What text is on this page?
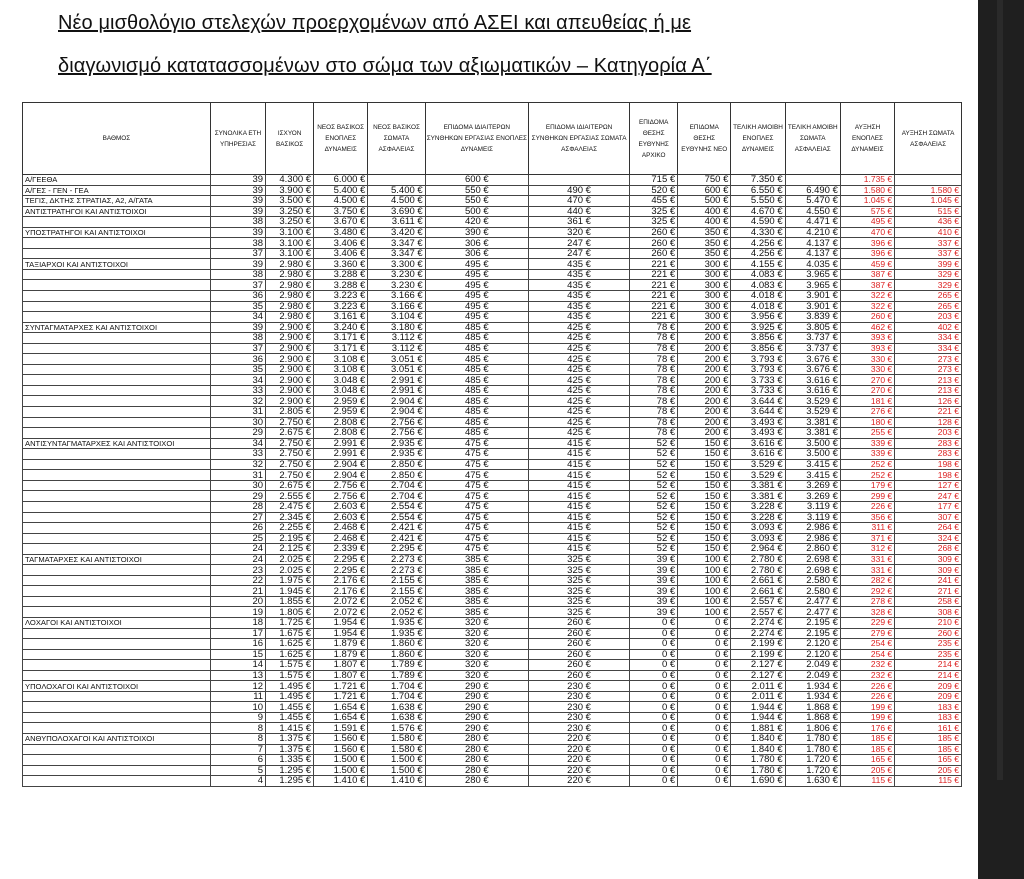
Νέο μισθολόγιο στελεχών προερχομένων από ΑΣΕΙ και απευθείας ή με
διαγωνισμό κατατασσομένων στο σώμα των αξιωματικών – Κατηγορία Α΄
ΒΑΘΜΟΣ	ΣΥΝΟΛΙΚΑ ΕΤΗ ΥΠΗΡΕΣΙΑΣ	ΙΣΧΥΟΝ ΒΑΣΙΚΟΣ	ΝΕΟΣ ΒΑΣΙΚΟΣ ΕΝΟΠΛΕΣ ΔΥΝΑΜΕΙΣ	ΝΕΟΣ ΒΑΣΙΚΟΣ ΣΩΜΑΤΑ ΑΣΦΑΛΕΙΑΣ	ΕΠΙΔΟΜΑ ΙΔΙΑΙΤΕΡΩΝ ΣΥΝΘΗΚΩΝ ΕΡΓΑΣΙΑΣ ΕΝΟΠΛΕΣ ΔΥΝΑΜΕΙΣ	ΕΠΙΔΟΜΑ ΙΔΙΑΙΤΕΡΩΝ ΣΥΝΘΗΚΩΝ ΕΡΓΑΣΙΑΣ ΣΩΜΑΤΑ ΑΣΦΑΛΕΙΑΣ	ΕΠΙΔΟΜΑ ΘΕΣΗΣ ΕΥΘΥΝΗΣ ΑΡΧΙΚΟ	ΕΠΙΔΟΜΑ ΘΕΣΗΣ ΕΥΘΥΝΗΣ ΝΕΟ	ΤΕΛΙΚΗ ΑΜΟΙΒΗ ΕΝΟΠΛΕΣ ΔΥΝΑΜΕΙΣ	ΤΕΛΙΚΗ ΑΜΟΙΒΗ ΣΩΜΑΤΑ ΑΣΦΑΛΕΙΑΣ	ΑΥΞΗΣΗ ΕΝΟΠΛΕΣ ΔΥΝΑΜΕΙΣ	ΑΥΞΗΣΗ ΣΩΜΑΤΑ ΑΣΦΑΛΕΙΑΣ
Α/ΓΕΕΘΑ	39	4.300 €	6.000 €		600 €		715 €	750 €	7.350 €		1.735 €	
Α/ΓΕΣ - ΓΕΝ - ΓΕΑ	39	3.900 €	5.400 €	5.400 €	550 €	490 €	520 €	600 €	6.550 €	6.490 €	1.580 €	1.580 €
ΤΕΓΙΣ, ΔΚΤΗΣ ΣΤΡΑΤΙΑΣ, Α2, Α/ΓΑΤΑ	39	3.500 €	4.500 €	4.500 €	550 €	470 €	455 €	500 €	5.550 €	5.470 €	1.045 €	1.045 €
ΑΝΤΙΣΤΡΑΤΗΓΟΙ ΚΑΙ ΑΝΤΙΣΤΟΙΧΟΙ	39	3.250 €	3.750 €	3.690 €	500 €	440 €	325 €	400 €	4.670 €	4.550 €	575 €	515 €
	38	3.250 €	3.670 €	3.611 €	420 €	361 €	325 €	400 €	4.590 €	4.471 €	495 €	436 €
ΥΠΟΣΤΡΑΤΗΓΟΙ ΚΑΙ ΑΝΤΙΣΤΟΙΧΟΙ	39	3.100 €	3.480 €	3.420 €	390 €	320 €	260 €	350 €	4.330 €	4.210 €	470 €	410 €
	38	3.100 €	3.406 €	3.347 €	306 €	247 €	260 €	350 €	4.256 €	4.137 €	396 €	337 €
	37	3.100 €	3.406 €	3.347 €	306 €	247 €	260 €	350 €	4.256 €	4.137 €	396 €	337 €
ΤΑΞΙΑΡΧΟΙ ΚΑΙ ΑΝΤΙΣΤΟΙΧΟΙ	39	2.980 €	3.360 €	3.300 €	495 €	435 €	221 €	300 €	4.155 €	4.035 €	459 €	399 €
	38	2.980 €	3.288 €	3.230 €	495 €	435 €	221 €	300 €	4.083 €	3.965 €	387 €	329 €
	37	2.980 €	3.288 €	3.230 €	495 €	435 €	221 €	300 €	4.083 €	3.965 €	387 €	329 €
	36	2.980 €	3.223 €	3.166 €	495 €	435 €	221 €	300 €	4.018 €	3.901 €	322 €	265 €
	35	2.980 €	3.223 €	3.166 €	495 €	435 €	221 €	300 €	4.018 €	3.901 €	322 €	265 €
	34	2.980 €	3.161 €	3.104 €	495 €	435 €	221 €	300 €	3.956 €	3.839 €	260 €	203 €
ΣΥΝΤΑΓΜΑΤΑΡΧΕΣ ΚΑΙ ΑΝΤΙΣΤΟΙΧΟΙ	39	2.900 €	3.240 €	3.180 €	485 €	425 €	78 €	200 €	3.925 €	3.805 €	462 €	402 €
	38	2.900 €	3.171 €	3.112 €	485 €	425 €	78 €	200 €	3.856 €	3.737 €	393 €	334 €
	37	2.900 €	3.171 €	3.112 €	485 €	425 €	78 €	200 €	3.856 €	3.737 €	393 €	334 €
	36	2.900 €	3.108 €	3.051 €	485 €	425 €	78 €	200 €	3.793 €	3.676 €	330 €	273 €
	35	2.900 €	3.108 €	3.051 €	485 €	425 €	78 €	200 €	3.793 €	3.676 €	330 €	273 €
	34	2.900 €	3.048 €	2.991 €	485 €	425 €	78 €	200 €	3.733 €	3.616 €	270 €	213 €
	33	2.900 €	3.048 €	2.991 €	485 €	425 €	78 €	200 €	3.733 €	3.616 €	270 €	213 €
	32	2.900 €	2.959 €	2.904 €	485 €	425 €	78 €	200 €	3.644 €	3.529 €	181 €	126 €
	31	2.805 €	2.959 €	2.904 €	485 €	425 €	78 €	200 €	3.644 €	3.529 €	276 €	221 €
	30	2.750 €	2.808 €	2.756 €	485 €	425 €	78 €	200 €	3.493 €	3.381 €	180 €	128 €
	29	2.675 €	2.808 €	2.756 €	485 €	425 €	78 €	200 €	3.493 €	3.381 €	255 €	203 €
ΑΝΤΙΣΥΝΤΑΓΜΑΤΑΡΧΕΣ ΚΑΙ ΑΝΤΙΣΤΟΙΧΟΙ	34	2.750 €	2.991 €	2.935 €	475 €	415 €	52 €	150 €	3.616 €	3.500 €	339 €	283 €
	33	2.750 €	2.991 €	2.935 €	475 €	415 €	52 €	150 €	3.616 €	3.500 €	339 €	283 €
	32	2.750 €	2.904 €	2.850 €	475 €	415 €	52 €	150 €	3.529 €	3.415 €	252 €	198 €
	31	2.750 €	2.904 €	2.850 €	475 €	415 €	52 €	150 €	3.529 €	3.415 €	252 €	198 €
	30	2.675 €	2.756 €	2.704 €	475 €	415 €	52 €	150 €	3.381 €	3.269 €	179 €	127 €
	29	2.555 €	2.756 €	2.704 €	475 €	415 €	52 €	150 €	3.381 €	3.269 €	299 €	247 €
	28	2.475 €	2.603 €	2.554 €	475 €	415 €	52 €	150 €	3.228 €	3.119 €	226 €	177 €
	27	2.345 €	2.603 €	2.554 €	475 €	415 €	52 €	150 €	3.228 €	3.119 €	356 €	307 €
	26	2.255 €	2.468 €	2.421 €	475 €	415 €	52 €	150 €	3.093 €	2.986 €	311 €	264 €
	25	2.195 €	2.468 €	2.421 €	475 €	415 €	52 €	150 €	3.093 €	2.986 €	371 €	324 €
	24	2.125 €	2.339 €	2.295 €	475 €	415 €	52 €	150 €	2.964 €	2.860 €	312 €	268 €
ΤΑΓΜΑΤΑΡΧΕΣ ΚΑΙ ΑΝΤΙΣΤΟΙΧΟΙ	24	2.025 €	2.295 €	2.273 €	385 €	325 €	39 €	100 €	2.780 €	2.698 €	331 €	309 €
	23	2.025 €	2.295 €	2.273 €	385 €	325 €	39 €	100 €	2.780 €	2.698 €	331 €	309 €
	22	1.975 €	2.176 €	2.155 €	385 €	325 €	39 €	100 €	2.661 €	2.580 €	282 €	241 €
	21	1.945 €	2.176 €	2.155 €	385 €	325 €	39 €	100 €	2.661 €	2.580 €	292 €	271 €
	20	1.855 €	2.072 €	2.052 €	385 €	325 €	39 €	100 €	2.557 €	2.477 €	278 €	258 €
	19	1.805 €	2.072 €	2.052 €	385 €	325 €	39 €	100 €	2.557 €	2.477 €	328 €	308 €
ΛΟΧΑΓΟΙ ΚΑΙ ΑΝΤΙΣΤΟΙΧΟΙ	18	1.725 €	1.954 €	1.935 €	320 €	260 €	0 €	0 €	2.274 €	2.195 €	229 €	210 €
	17	1.675 €	1.954 €	1.935 €	320 €	260 €	0 €	0 €	2.274 €	2.195 €	279 €	260 €
	16	1.625 €	1.879 €	1.860 €	320 €	260 €	0 €	0 €	2.199 €	2.120 €	254 €	235 €
	15	1.625 €	1.879 €	1.860 €	320 €	260 €	0 €	0 €	2.199 €	2.120 €	254 €	235 €
	14	1.575 €	1.807 €	1.789 €	320 €	260 €	0 €	0 €	2.127 €	2.049 €	232 €	214 €
	13	1.575 €	1.807 €	1.789 €	320 €	260 €	0 €	0 €	2.127 €	2.049 €	232 €	214 €
ΥΠΟΛΟΧΑΓΟΙ ΚΑΙ ΑΝΤΙΣΤΟΙΧΟΙ	12	1.495 €	1.721 €	1.704 €	290 €	230 €	0 €	0 €	2.011 €	1.934 €	226 €	209 €
	11	1.495 €	1.721 €	1.704 €	290 €	230 €	0 €	0 €	2.011 €	1.934 €	226 €	209 €
	10	1.455 €	1.654 €	1.638 €	290 €	230 €	0 €	0 €	1.944 €	1.868 €	199 €	183 €
	9	1.455 €	1.654 €	1.638 €	290 €	230 €	0 €	0 €	1.944 €	1.868 €	199 €	183 €
	8	1.415 €	1.591 €	1.576 €	290 €	230 €	0 €	0 €	1.881 €	1.806 €	176 €	161 €
ΑΝΘΥΠΟΛΟΧΑΓΟΙ ΚΑΙ ΑΝΤΙΣΤΟΙΧΟΙ	8	1.375 €	1.560 €	1.580 €	280 €	220 €	0 €	0 €	1.840 €	1.780 €	185 €	185 €
	7	1.375 €	1.560 €	1.580 €	280 €	220 €	0 €	0 €	1.840 €	1.780 €	185 €	185 €
	6	1.335 €	1.500 €	1.500 €	280 €	220 €	0 €	0 €	1.780 €	1.720 €	165 €	165 €
	5	1.295 €	1.500 €	1.500 €	280 €	220 €	0 €	0 €	1.780 €	1.720 €	205 €	205 €
	4	1.295 €	1.410 €	1.410 €	280 €	220 €	0 €	0 €	1.690 €	1.630 €	115 €	115 €
